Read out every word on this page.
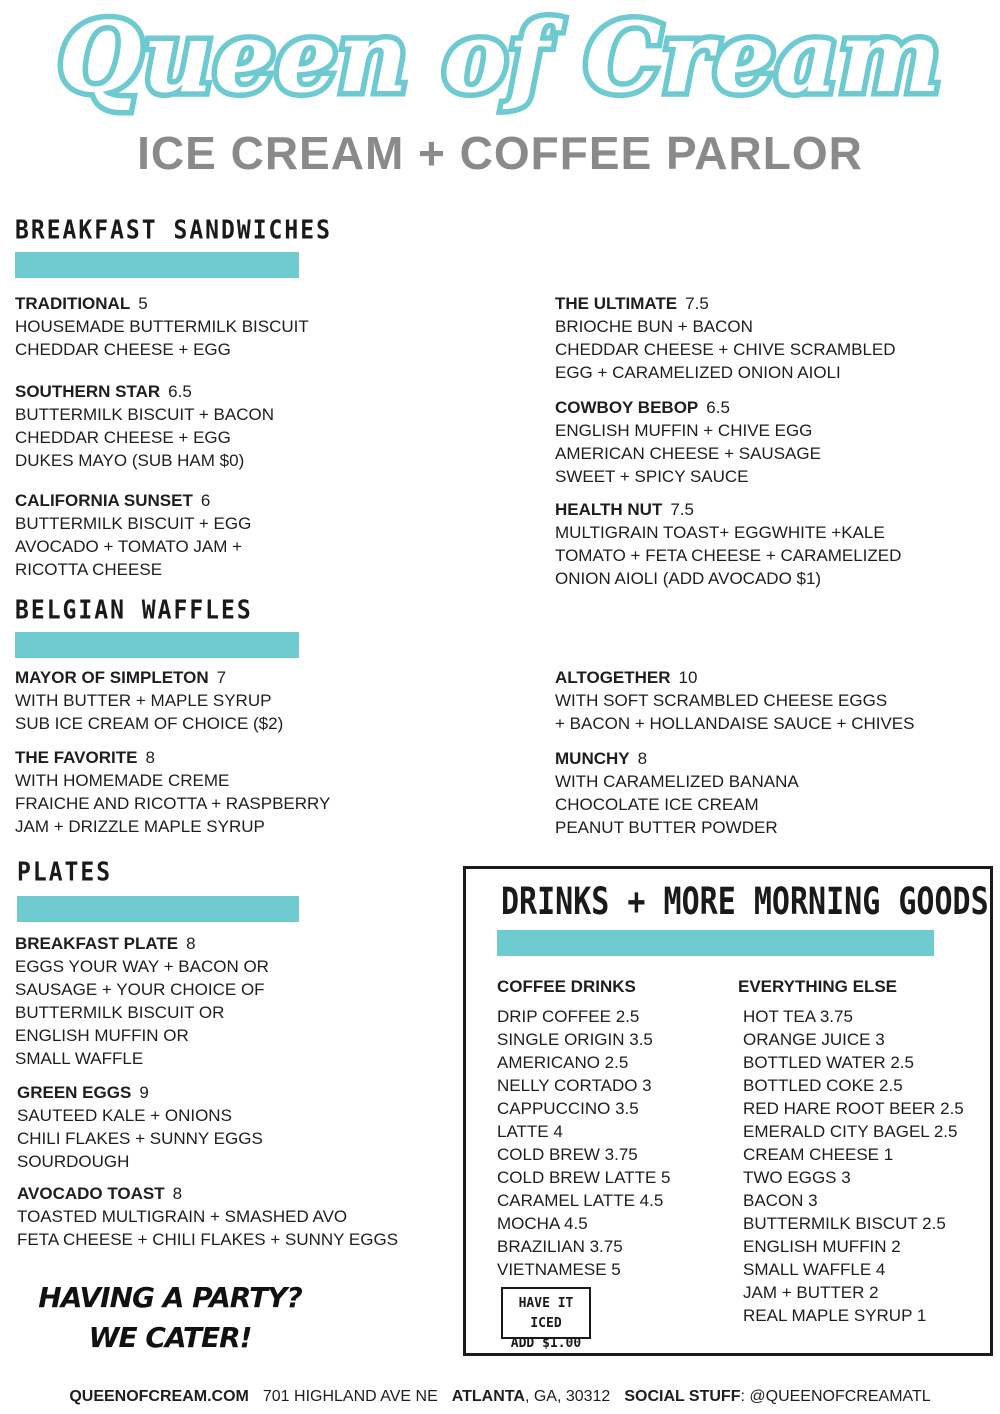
Queen of Cream
ICE CREAM + COFFEE PARLOR
BREAKFAST SANDWICHES
TRADITIONAL 5
HOUSEMADE BUTTERMILK BISCUIT
CHEDDAR CHEESE + EGG
SOUTHERN STAR 6.5
BUTTERMILK BISCUIT + BACON
CHEDDAR CHEESE + EGG
DUKES MAYO (SUB HAM $0)
CALIFORNIA SUNSET 6
BUTTERMILK BISCUIT + EGG
AVOCADO + TOMATO JAM +
RICOTTA CHEESE
THE ULTIMATE 7.5
BRIOCHE BUN + BACON
CHEDDAR CHEESE + CHIVE SCRAMBLED
EGG + CARAMELIZED ONION AIOLI
COWBOY BEBOP 6.5
ENGLISH MUFFIN + CHIVE EGG
AMERICAN CHEESE + SAUSAGE
SWEET + SPICY SAUCE
HEALTH NUT 7.5
MULTIGRAIN TOAST+ EGGWHITE +KALE
TOMATO + FETA CHEESE + CARAMELIZED
ONION AIOLI (ADD AVOCADO $1)
BELGIAN WAFFLES
MAYOR OF SIMPLETON 7
WITH BUTTER + MAPLE SYRUP
SUB ICE CREAM OF CHOICE ($2)
THE FAVORITE 8
WITH HOMEMADE CREME
FRAICHE AND RICOTTA + RASPBERRY
JAM + DRIZZLE MAPLE SYRUP
ALTOGETHER 10
WITH SOFT SCRAMBLED CHEESE EGGS
+ BACON + HOLLANDAISE SAUCE + CHIVES
MUNCHY 8
WITH CARAMELIZED BANANA
CHOCOLATE ICE CREAM
PEANUT BUTTER POWDER
PLATES
BREAKFAST PLATE 8
EGGS YOUR WAY + BACON OR
SAUSAGE + YOUR CHOICE OF
BUTTERMILK BISCUIT OR
ENGLISH MUFFIN OR
SMALL WAFFLE
GREEN EGGS 9
SAUTEED KALE + ONIONS
CHILI FLAKES + SUNNY EGGS
SOURDOUGH
AVOCADO TOAST 8
TOASTED MULTIGRAIN + SMASHED AVO
FETA CHEESE + CHILI FLAKES + SUNNY EGGS
HAVING A PARTY?
WE CATER!
DRINKS + MORE MORNING GOODS
COFFEE DRINKS
DRIP COFFEE 2.5
SINGLE ORIGIN 3.5
AMERICANO 2.5
NELLY CORTADO 3
CAPPUCCINO 3.5
LATTE 4
COLD BREW 3.75
COLD BREW LATTE 5
CARAMEL LATTE 4.5
MOCHA 4.5
BRAZILIAN 3.75
VIETNAMESE 5
HAVE IT ICED
ADD $1.00
EVERYTHING ELSE
HOT TEA 3.75
ORANGE JUICE 3
BOTTLED WATER 2.5
BOTTLED COKE 2.5
RED HARE ROOT BEER 2.5
EMERALD CITY BAGEL 2.5
CREAM CHEESE 1
TWO EGGS 3
BACON 3
BUTTERMILK BISCUT 2.5
ENGLISH MUFFIN 2
SMALL WAFFLE 4
JAM + BUTTER 2
REAL MAPLE SYRUP 1
QUEENOFCREAM.COM 701 HIGHLAND AVE NE ATLANTA, GA, 30312 SOCIAL STUFF: @QUEENOFCREAMATL
